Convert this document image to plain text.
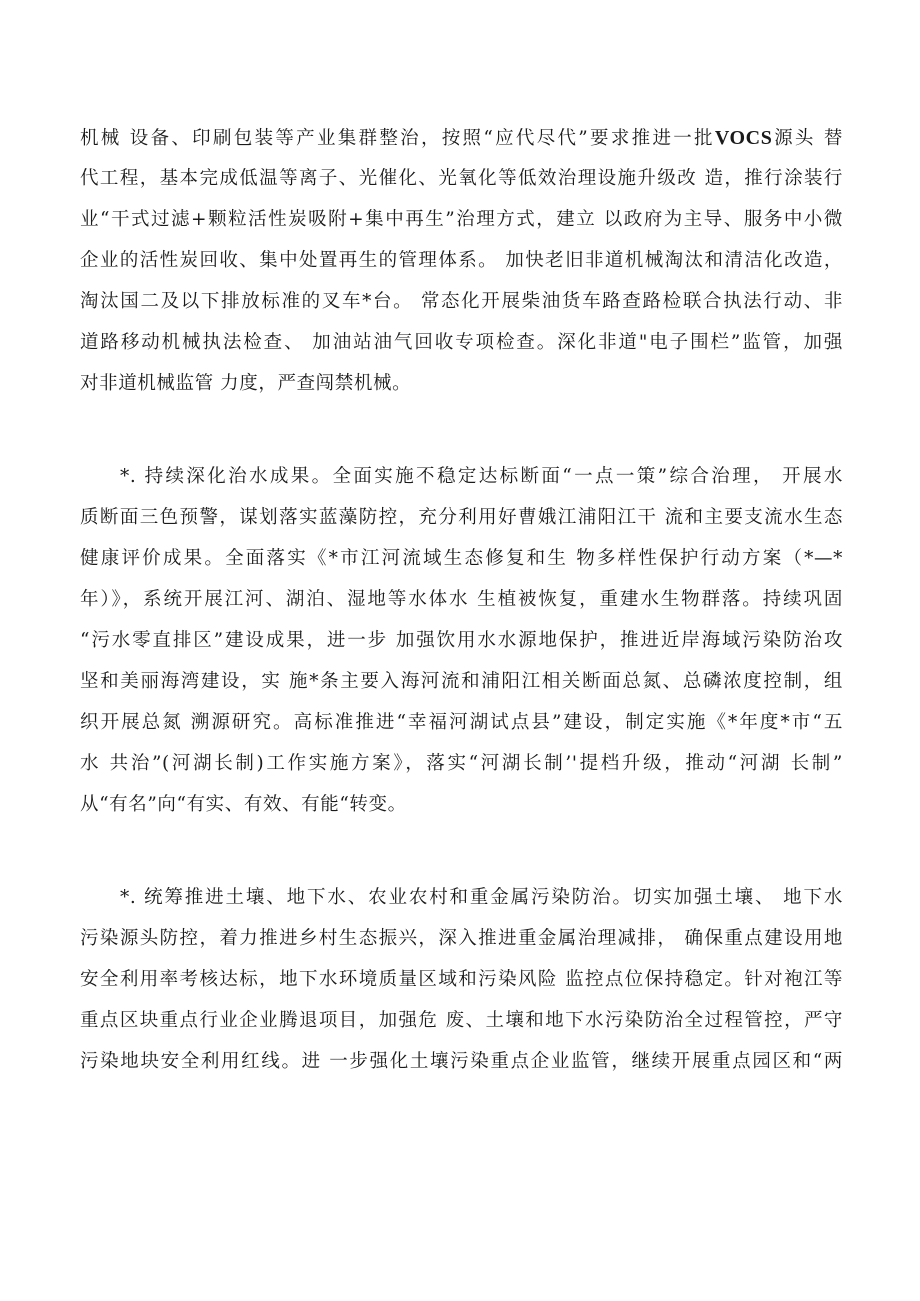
机械 设备、印刷包装等产业集群整治，按照“应代尽代”要求推进一批VOCS源头 替
代工程，基本完成低温等离子、光催化、光氧化等低效治理设施升级改 造，推行涂装行
业“干式过滤+颗粒活性炭吸附+集中再生”治理方式，建立 以政府为主导、服务中小微
企业的活性炭回收、集中处置再生的管理体系。 加快老旧非道机械淘汰和清洁化改造，
淘汰国二及以下排放标准的叉车*台。 常态化开展柴油货车路查路检联合执法行动、非
道路移动机械执法检查、 加油站油气回收专项检查。深化非道"电子围栏”监管，加强
对非道机械监管 力度，严查闯禁机械。
*. 持续深化治水成果。全面实施不稳定达标断面“一点一策”综合治理， 开展水
质断面三色预警，谋划落实蓝藻防控，充分利用好曹娥江浦阳江干 流和主要支流水生态
健康评价成果。全面落实《*市江河流域生态修复和生 物多样性保护行动方案（*—*
年）》，系统开展江河、湖泊、湿地等水体水 生植被恢复，重建水生物群落。持续巩固
“污水零直排区”建设成果，进一步 加强饮用水水源地保护，推进近岸海域污染防治攻
坚和美丽海湾建设，实 施*条主要入海河流和浦阳江相关断面总氮、总磷浓度控制，组
织开展总氮 溯源研究。高标准推进“幸福河湖试点县”建设，制定实施《*年度*市“五
水 共治”(河湖长制)工作实施方案》，落实“河湖长制’'提档升级，推动“河湖 长制”
从“有名”向“有实、有效、有能“转变。
*. 统筹推进土壤、地下水、农业农村和重金属污染防治。切实加强土壤、 地下水
污染源头防控，着力推进乡村生态振兴，深入推进重金属治理减排， 确保重点建设用地
安全利用率考核达标，地下水环境质量区域和污染风险 监控点位保持稳定。针对袍江等
重点区块重点行业企业腾退项目，加强危 废、土壤和地下水污染防治全过程管控，严守
污染地块安全利用红线。进 一步强化土壤污染重点企业监管，继续开展重点园区和“两
